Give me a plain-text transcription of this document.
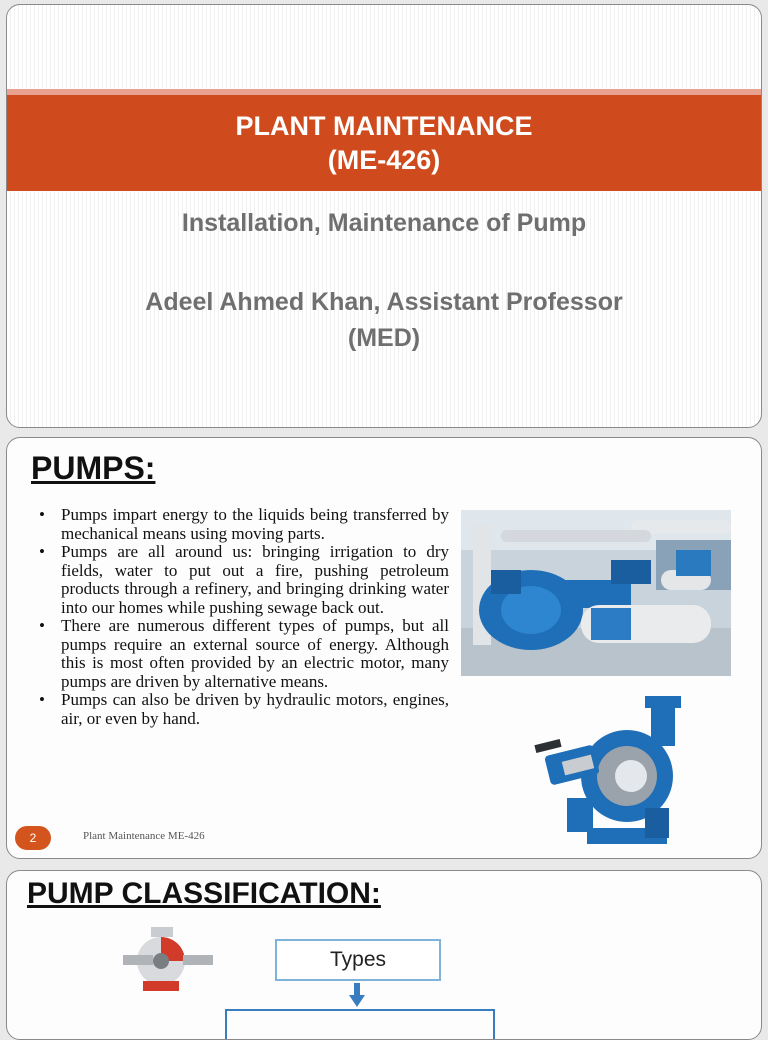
PLANT MAINTENANCE
(ME-426)
Installation, Maintenance of Pump
Adeel Ahmed Khan, Assistant Professor
(MED)
PUMPS:
• Pumps impart energy to the liquids being transferred by mechanical means using moving parts.
• Pumps are all around us: bringing irrigation to dry fields, water to put out a fire, pushing petroleum products through a refinery, and bringing drinking water into our homes while pushing sewage back out.
• There are numerous different types of pumps, but all pumps require an external source of energy. Although this is most often provided by an electric motor, many pumps are driven by alternative means.
• Pumps can also be driven by hydraulic motors, engines, air, or even by hand.
2	Plant Maintenance ME-426
PUMP CLASSIFICATION:
Types
